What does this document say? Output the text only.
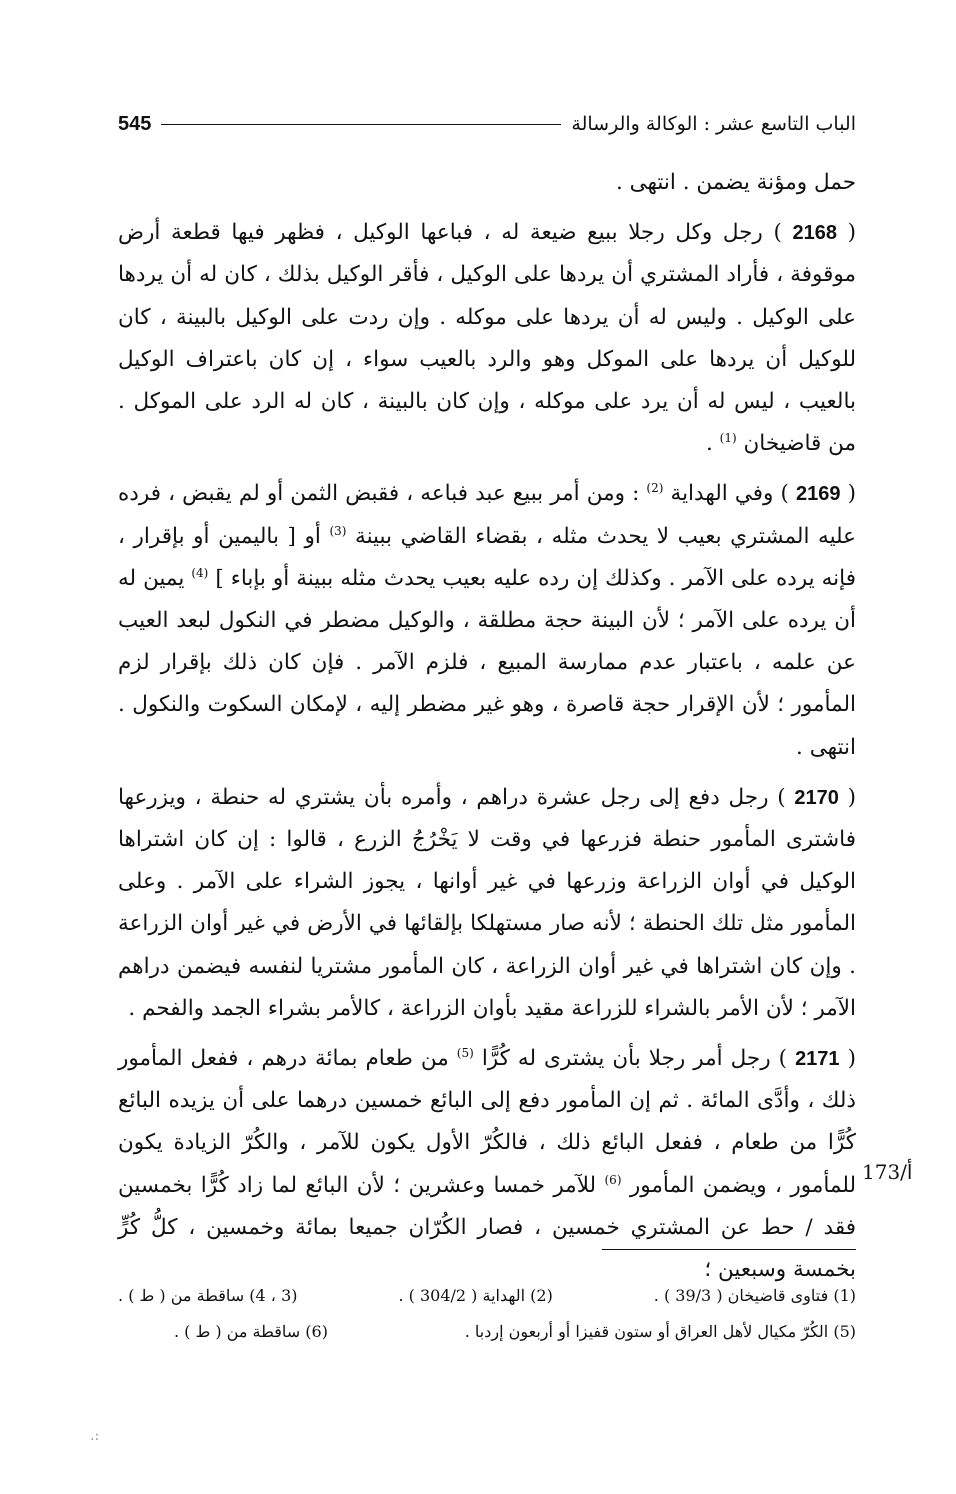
الباب التاسع عشر : الوكالة والرسالة
545

حمل ومؤنة يضمن . انتهى .

( 2168 ) رجل وكل رجلا ببيع ضيعة له ، فباعها الوكيل ، فظهر فيها قطعة أرض موقوفة ، فأراد المشتري أن يردها على الوكيل ، فأقر الوكيل بذلك ، كان له أن يردها على الوكيل . وليس له أن يردها على موكله . وإن ردت على الوكيل بالبينة ، كان للوكيل أن يردها على الموكل وهو والرد بالعيب سواء ، إن كان باعتراف الوكيل بالعيب ، ليس له أن يرد على موكله ، وإن كان بالبينة ، كان له الرد على الموكل . من قاضيخان $^{(1)}$ .

( 2169 ) وفي الهداية $^{(2)}$ : ومن أمر ببيع عبد فباعه ، فقبض الثمن أو لم يقبض ، فرده عليه المشتري بعيب لا يحدث مثله ، بقضاء القاضي ببينة $^{(3)}$ أو [ باليمين أو بإقرار ، فإنه يرده على الآمر . وكذلك إن رده عليه بعيب يحدث مثله ببينة أو بإباء ] $^{(4)}$ يمين له أن يرده على الآمر ؛ لأن البينة حجة مطلقة ، والوكيل مضطر في النكول لبعد العيب عن علمه ، باعتبار عدم ممارسة المبيع ، فلزم الآمر . فإن كان ذلك بإقرار لزم المأمور ؛ لأن الإقرار حجة قاصرة ، وهو غير مضطر إليه ، لإمكان السكوت والنكول . انتهى .

( 2170 ) رجل دفع إلى رجل عشرة دراهم ، وأمره بأن يشتري له حنطة ، ويزرعها فاشترى المأمور حنطة فزرعها في وقت لا يَخْرُجُ الزرع ، قالوا : إن كان اشتراها الوكيل في أوان الزراعة وزرعها في غير أوانها ، يجوز الشراء على الآمر . وعلى المأمور مثل تلك الحنطة ؛ لأنه صار مستهلكا بإلقائها في الأرض في غير أوان الزراعة . وإن كان اشتراها في غير أوان الزراعة ، كان المأمور مشتريا لنفسه فيضمن دراهم الآمر ؛ لأن الأمر بالشراء للزراعة مقيد بأوان الزراعة ، كالأمر بشراء الجمد والفحم .

( 2171 ) رجل أمر رجلا بأن يشترى له كُرًّا $^{(5)}$ من طعام بمائة درهم ، ففعل المأمور ذلك ، وأدَّى المائة . ثم إن المأمور دفع إلى البائع خمسين درهما على أن يزيده البائع كُرًّا من طعام ، ففعل البائع ذلك ، فالكُرّ الأول يكون للآمر ، والكُرّ الزيادة يكون للمأمور ، ويضمن المأمور $^{(6)}$ للآمر خمسا وعشرين ؛ لأن البائع لما زاد كُرًّا بخمسين فقد / حط عن المشتري خمسين ، فصار الكُرّان جميعا بمائة وخمسين ، كلُّ كُرٍّ بخمسة وسبعين ؛

173/أ
(1) فتاوى قاضيخان ( 39/3 ) .
(2) الهداية ( 304/2 ) .
(3 ، 4) ساقطة من ( ط ) .
(5) الكُرّ مكيال لأهل العراق أو ستون قفيزا أو أربعون إردبا .
(6) ساقطة من ( ط ) .
.:
